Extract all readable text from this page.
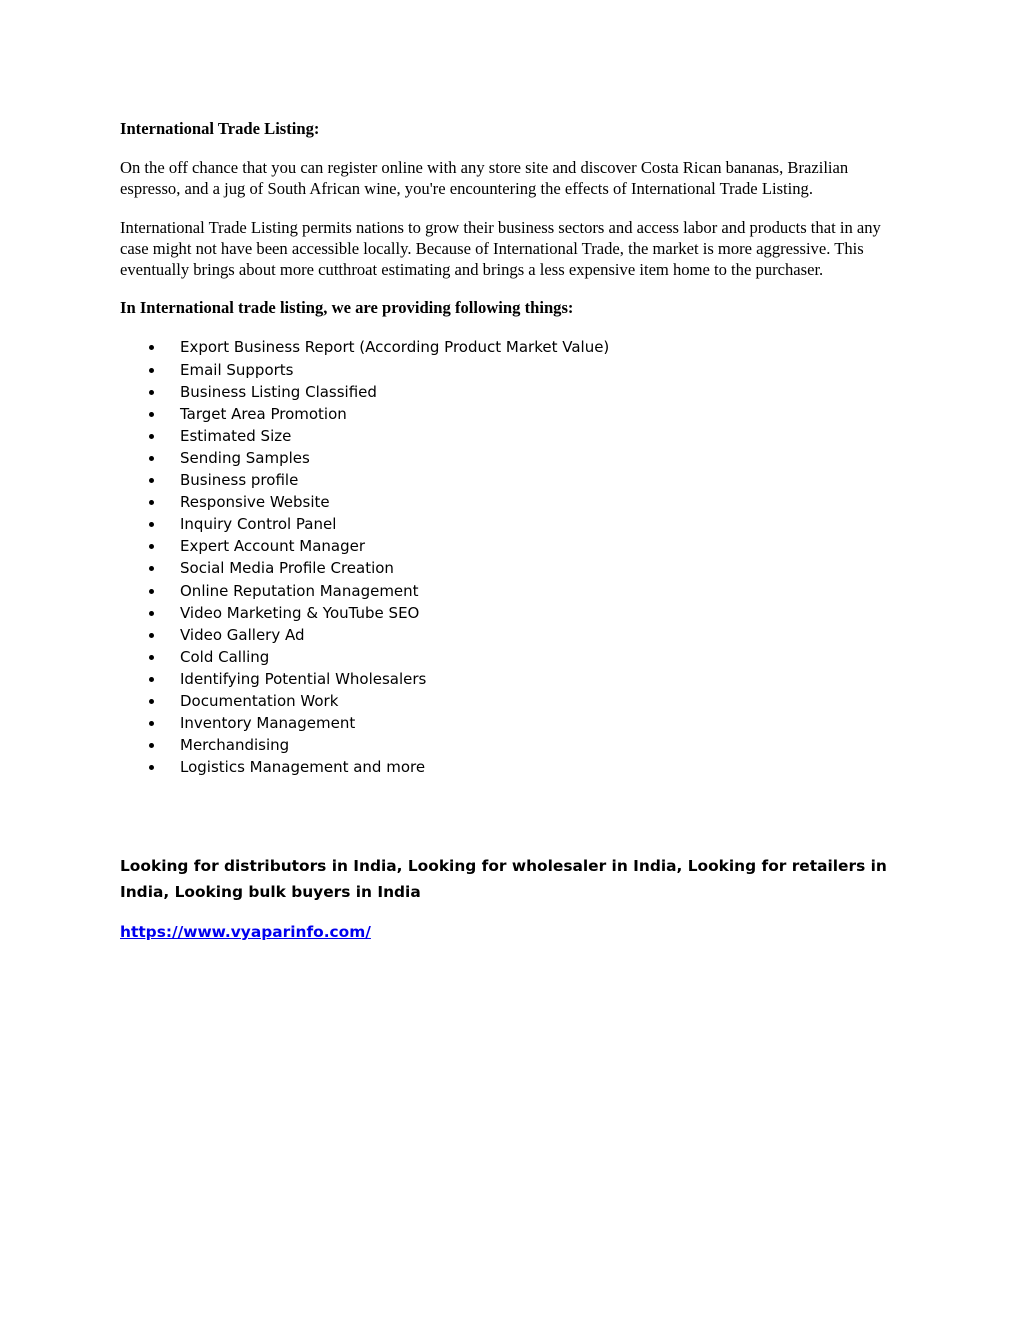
International Trade Listing:

On the off chance that you can register online with any store site and discover Costa Rican bananas, Brazilian espresso, and a jug of South African wine, you're encountering the effects of International Trade Listing.

International Trade Listing permits nations to grow their business sectors and access labor and products that in any case might not have been accessible locally. Because of International Trade, the market is more aggressive. This eventually brings about more cutthroat estimating and brings a less expensive item home to the purchaser.

In International trade listing, we are providing following things:
Export Business Report (According Product Market Value)
Email Supports
Business Listing Classified
Target Area Promotion
Estimated Size
Sending Samples
Business profile
Responsive Website
Inquiry Control Panel
Expert Account Manager
Social Media Profile Creation
Online Reputation Management
Video Marketing & YouTube SEO
Video Gallery Ad
Cold Calling
Identifying Potential Wholesalers
Documentation Work
Inventory Management
Merchandising
Logistics Management and more
Looking for distributors in India, Looking for wholesaler in India, Looking for retailers in India, Looking bulk buyers in India
https://www.vyaparinfo.com/
